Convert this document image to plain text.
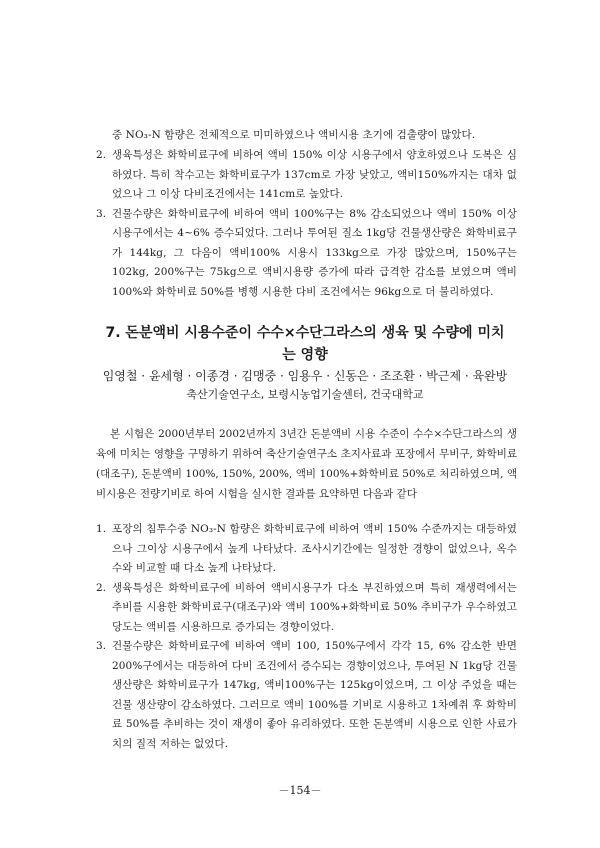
중 NO₃-N 함량은 전체적으로 미미하였으나 액비시용 초기에 검출량이 많았다.
2. 생육특성은 화학비료구에 비하여 액비 150% 이상 시용구에서 양호하였으나 도복은 심하였다. 특히 착수고는 화학비료구가 137cm로 가장 낮았고, 액비150%까지는 대차 없었으나 그 이상 다비조건에서는 141cm로 높았다.
3. 건물수량은 화학비료구에 비하여 액비 100%구는 8% 감소되었으나 액비 150% 이상 시용구에서는 4~6% 증수되었다. 그러나 투여된 질소 1kg당 건물생산량은 화학비료구가 144kg, 그 다음이 액비100% 시용시 133kg으로 가장 많았으며, 150%구는 102kg, 200%구는 75kg으로 액비시용량 증가에 따라 급격한 감소를 보였으며 액비 100%와 화학비료 50%를 병행 시용한 다비 조건에서는 96kg으로 더 불리하였다.
7. 돈분액비 시용수준이 수수×수단그라스의 생육 및 수량에 미치는 영향
임영철 · 윤세형 · 이종경 · 김맹중 · 임용우 · 신동은 · 조조환 · 박근제 · 육완방
축산기술연구소, 보령시농업기술센터, 건국대학교
본 시험은 2000년부터 2002년까지 3년간 돈분액비 시용 수준이 수수×수단그라스의 생육에 미치는 영향을 구명하기 위하여 축산기술연구소 초지사료과 포장에서 무비구, 화학비료(대조구), 돈분액비 100%, 150%, 200%, 액비 100%+화학비료 50%로 처리하였으며, 액비시용은 전량기비로 하여 시험을 실시한 결과를 요약하면 다음과 같다
1. 포장의 침투수중 NO₃-N 함량은 화학비료구에 비하여 액비 150% 수준까지는 대등하였으나 그이상 시용구에서 높게 나타났다. 조사시기간에는 일정한 경향이 없었으나, 옥수수와 비교할 때 다소 높게 나타났다.
2. 생육특성은 화학비료구에 비하여 액비시용구가 다소 부진하였으며 특히 재생력에서는 추비를 시용한 화학비료구(대조구)와 액비 100%+화학비료 50% 추비구가 우수하였고 당도는 액비를 시용하므로 증가되는 경향이었다.
3. 건물수량은 화학비료구에 비하여 액비 100, 150%구에서 각각 15, 6% 감소한 반면 200%구에서는 대등하여 다비 조건에서 증수되는 경향이었으나, 투여된 N 1kg당 건물생산량은 화학비료구가 147kg, 액비100%구는 125kg이었으며, 그 이상 주었을 때는 건물 생산량이 감소하였다. 그러므로 액비 100%를 기비로 시용하고 1차예취 후 화학비료 50%를 추비하는 것이 재생이 좋아 유리하였다. 또한 돈분액비 시용으로 인한 사료가치의 질적 저하는 없었다.
－154－
